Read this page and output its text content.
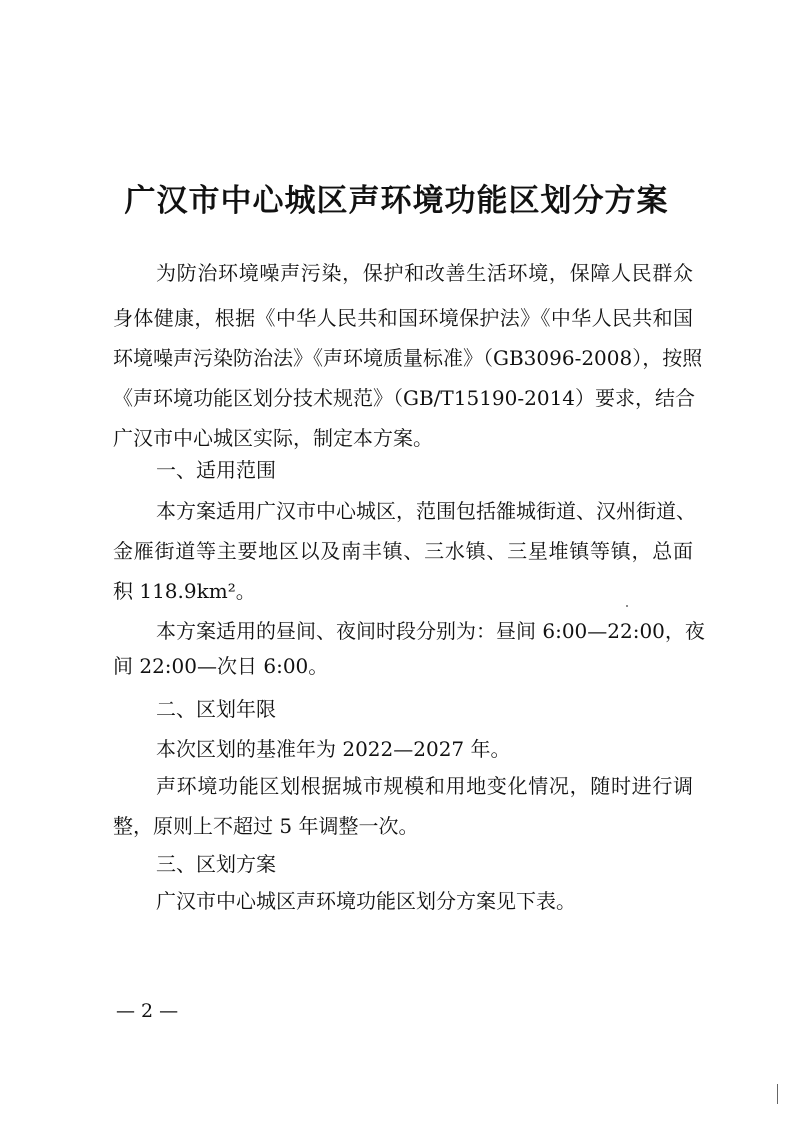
广汉市中心城区声环境功能区划分方案
为防治环境噪声污染，保护和改善生活环境，保障人民群众
身体健康，根据《中华人民共和国环境保护法》《中华人民共和国
环境噪声污染防治法》《声环境质量标准》（GB3096-2008），按照
《声环境功能区划分技术规范》（GB/T15190-2014）要求，结合
广汉市中心城区实际，制定本方案。
一、适用范围
本方案适用广汉市中心城区，范围包括雒城街道、汉州街道、
金雁街道等主要地区以及南丰镇、三水镇、三星堆镇等镇，总面
积 118.9km²。
本方案适用的昼间、夜间时段分别为：昼间 6:00—22:00，夜
间 22:00—次日 6:00。
二、区划年限
本次区划的基准年为 2022—2027 年。
声环境功能区划根据城市规模和用地变化情况，随时进行调
整，原则上不超过 5 年调整一次。
三、区划方案
广汉市中心城区声环境功能区划分方案见下表。
— 2 —
